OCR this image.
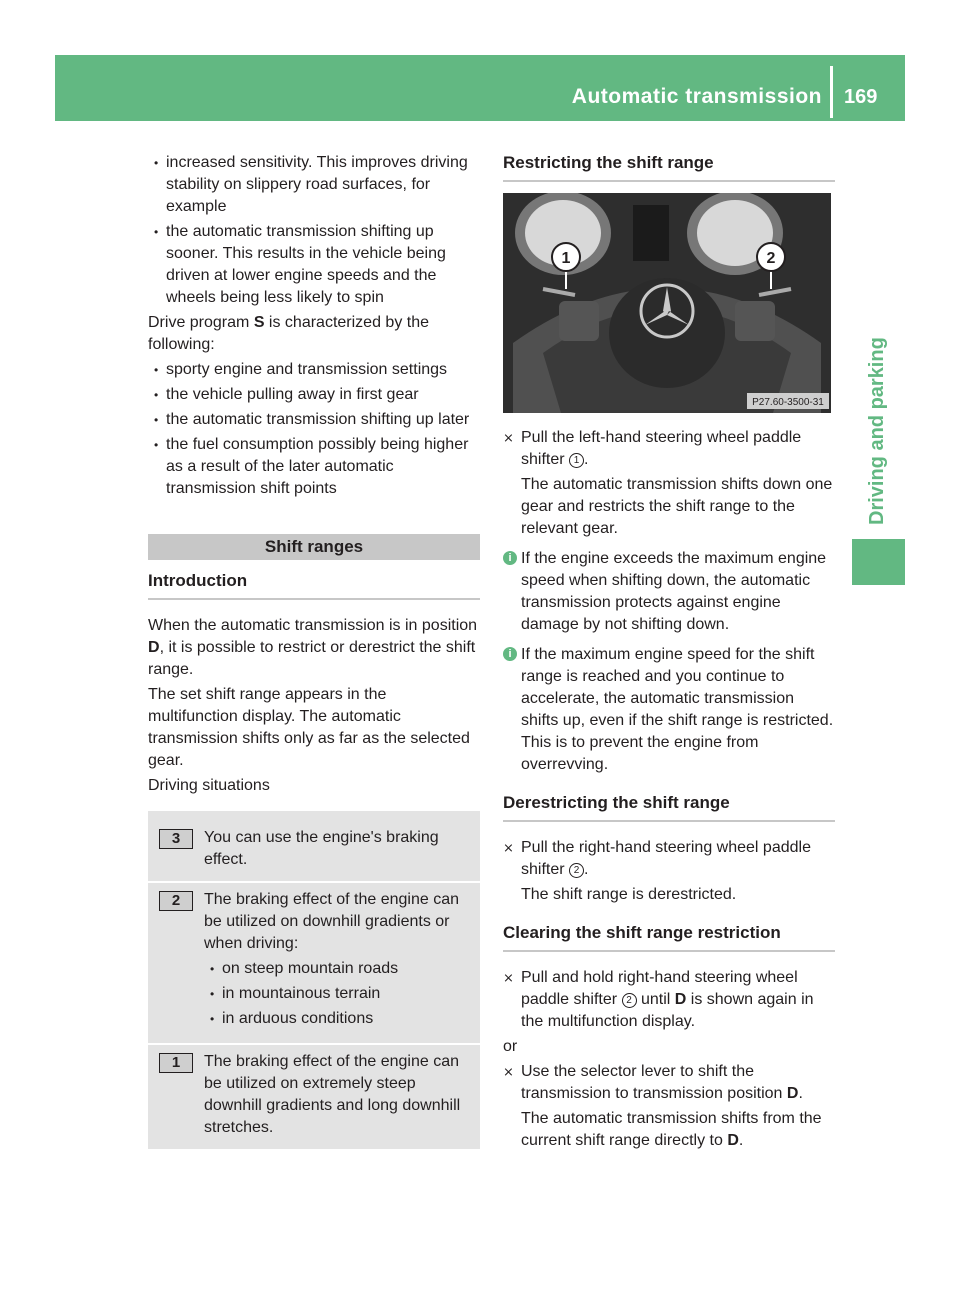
Automatic transmission 169
Driving and parking
• increased sensitivity. This improves driving stability on slippery road surfaces, for example
• the automatic transmission shifting up sooner. This results in the vehicle being driven at lower engine speeds and the wheels being less likely to spin
Drive program S is characterized by the following:
• sporty engine and transmission settings
• the vehicle pulling away in first gear
• the automatic transmission shifting up later
• the fuel consumption possibly being higher as a result of the later automatic transmission shift points
Shift ranges
Introduction
When the automatic transmission is in position D, it is possible to restrict or derestrict the shift range.
The set shift range appears in the multifunction display. The automatic transmission shifts only as far as the selected gear.
Driving situations
3	You can use the engine's braking effect.
2	The braking effect of the engine can be utilized on downhill gradients or when driving:
• on steep mountain roads
• in mountainous terrain
• in arduous conditions
1	The braking effect of the engine can be utilized on extremely steep downhill gradients and long downhill stretches.
Restricting the shift range
1	2
P27.60-3500-31
⨯ Pull the left-hand steering wheel paddle shifter 1 .
The automatic transmission shifts down one gear and restricts the shift range to the relevant gear.
i If the engine exceeds the maximum engine speed when shifting down, the automatic transmission protects against engine damage by not shifting down.
i If the maximum engine speed for the shift range is reached and you continue to accelerate, the automatic transmission shifts up, even if the shift range is restricted. This is to prevent the engine from overrevving.
Derestricting the shift range
⨯ Pull the right-hand steering wheel paddle shifter 2 .
The shift range is derestricted.
Clearing the shift range restriction
⨯ Pull and hold right-hand steering wheel paddle shifter 2 until D is shown again in the multifunction display.
or
⨯ Use the selector lever to shift the transmission to transmission position D.
The automatic transmission shifts from the current shift range directly to D.
